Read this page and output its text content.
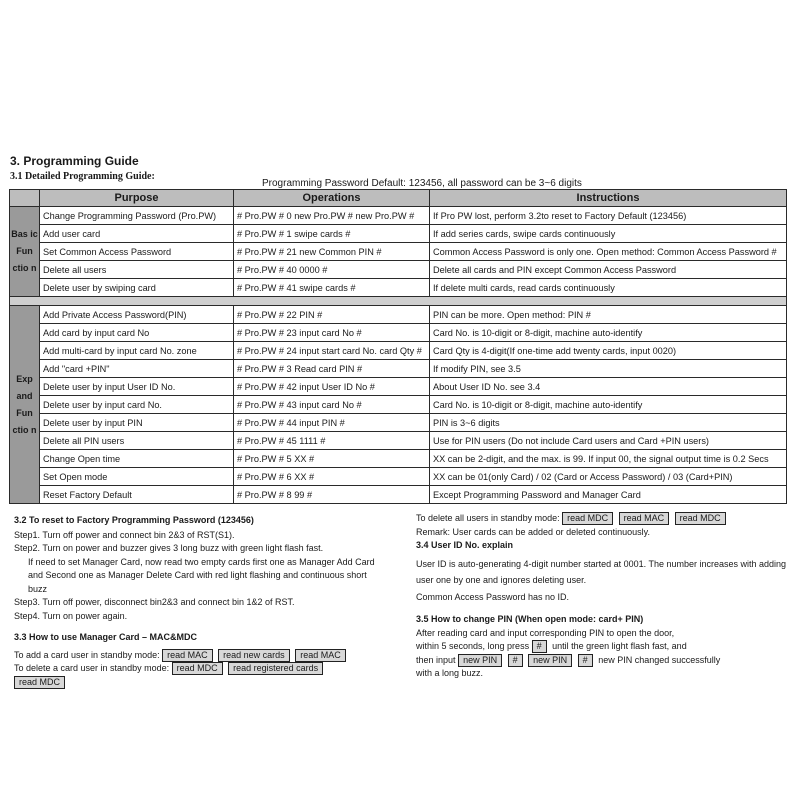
3. Programming Guide
3.1 Detailed Programming Guide:
Programming Password Default: 123456, all password can be 3~6 digits
	Purpose	Operations	Instructions
Bas ic Fun ctio n	Change Programming Password (Pro.PW)	# Pro.PW # 0 new Pro.PW # new Pro.PW #	If Pro PW lost, perform 3.2to reset to Factory Default (123456)
	Add user card	# Pro.PW # 1 swipe cards #	If add series cards, swipe cards continuously
	Set Common Access Password	# Pro.PW # 21 new Common PIN #	Common Access Password is only one. Open method: Common Access Password #
	Delete all users	# Pro.PW # 40 0000 #	Delete all cards and PIN except Common Access Password
	Delete user by swiping card	# Pro.PW # 41 swipe cards #	If delete multi cards, read cards continuously

Exp and Fun ctio n	Add Private Access Password(PIN)	# Pro.PW # 22 PIN #	PIN can be more. Open method: PIN #
	Add card by input card No	# Pro.PW # 23 input card No #	Card No. is 10-digit or 8-digit, machine auto-identify
	Add multi-card by input card No. zone	# Pro.PW # 24 input start card No. card Qty #	Card Qty is 4-digit(If one-time add twenty cards, input 0020)
	Add "card +PIN"	# Pro.PW # 3 Read card PIN #	If modify PIN, see 3.5
	Delete user by input User ID No.	# Pro.PW # 42 input User ID No #	About User ID No. see 3.4
	Delete user by input card No.	# Pro.PW # 43 input card No #	Card No. is 10-digit or 8-digit, machine auto-identify
	Delete user by input PIN	# Pro.PW # 44 input PIN #	PIN is 3~6 digits
	Delete all PIN users	# Pro.PW # 45 1111 #	Use for PIN users (Do not include Card users and Card +PIN users)
	Change Open time	# Pro.PW # 5 XX #	XX can be 2-digit, and the max. is 99. If input 00, the signal output time is 0.2 Secs
	Set Open mode	# Pro.PW # 6 XX #	XX can be 01(only Card) / 02 (Card or Access Password) / 03 (Card+PIN)
	Reset Factory Default	# Pro.PW # 8 99 #	Except Programming Password and Manager Card
3.2 To reset to Factory Programming Password (123456)
Step1. Turn off power and connect bin 2&3 of RST(S1).
Step2. Turn on power and buzzer gives 3 long buzz with green light flash fast.
If need to set Manager Card, now read two empty cards first one as Manager Add Card
and Second one as Manager Delete Card with red light flashing and continuous short
buzz
Step3. Turn off power, disconnect bin2&3 and connect bin 1&2 of RST.
Step4. Turn on power again.
3.3 How to use Manager Card – MAC&MDC
To add a card user in standby mode: read MAC read new cards read MAC
To delete a card user in standby mode: read MDC read registered cards
read MDC
To delete all users in standby mode: read MDC read MAC read MDC
Remark: User cards can be added or deleted continuously.
3.4 User ID No. explain
User ID is auto-generating 4-digit number started at 0001. The number increases with adding
user one by one and ignores deleting user.
Common Access Password has no ID.
3.5 How to change PIN (When open mode: card+ PIN)
After reading card and input corresponding PIN to open the door,
within 5 seconds, long press # until the green light flash fast, and
then input new PIN # new PIN # new PIN changed successfully
with a long buzz.
